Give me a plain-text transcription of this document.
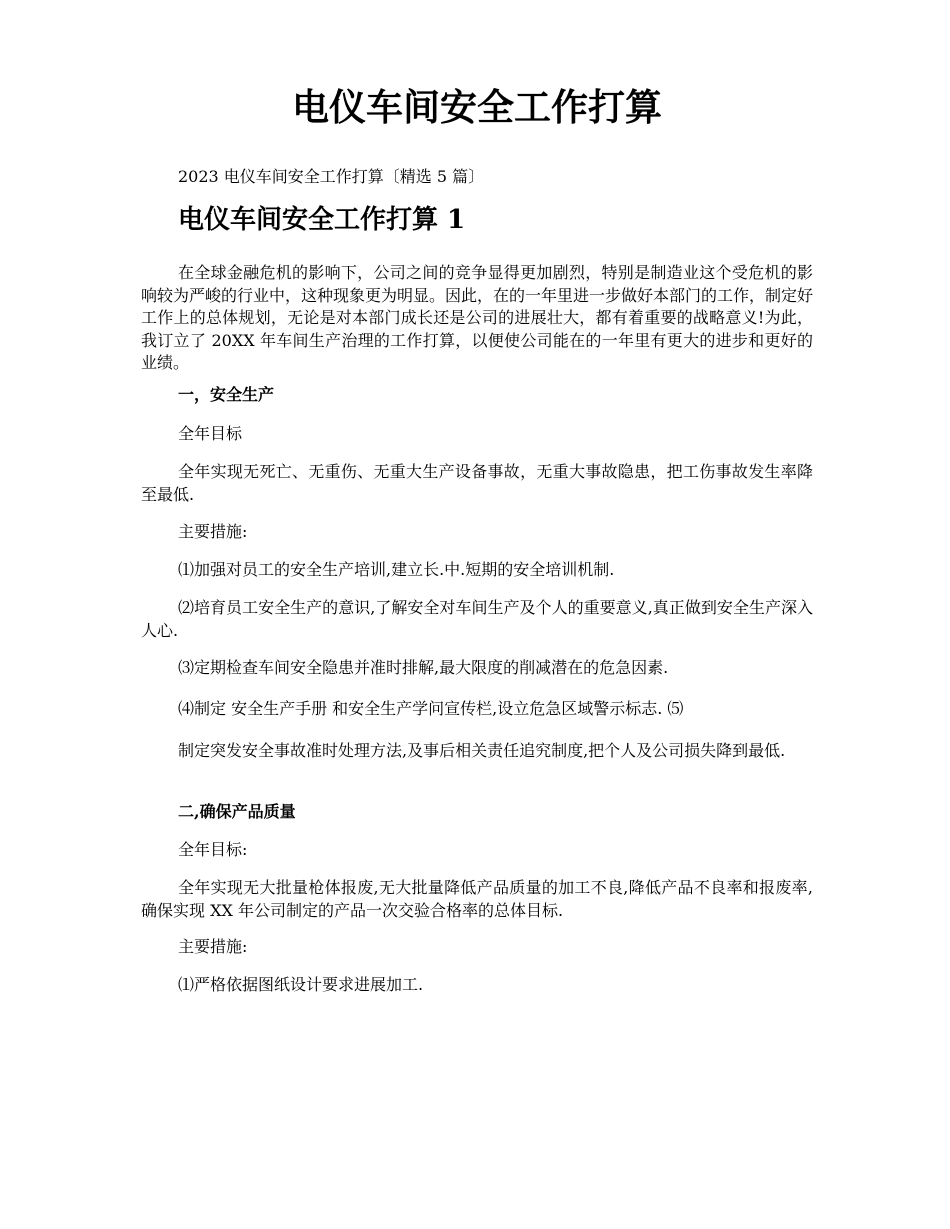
电仪车间安全工作打算

2023 电仪车间安全工作打算〔精选 5 篇〕

电仪车间安全工作打算 1

在全球金融危机的影响下，公司之间的竞争显得更加剧烈，特别是制造业这个受危机的影响较为严峻的行业中，这种现象更为明显。因此，在的一年里进一步做好本部门的工作，制定好工作上的总体规划，无论是对本部门成长还是公司的进展壮大，都有着重要的战略意义!为此，我订立了 20XX 年车间生产治理的工作打算，以便使公司能在的一年里有更大的进步和更好的业绩。

一，安全生产

全年目标

全年实现无死亡、无重伤、无重大生产设备事故，无重大事故隐患，把工伤事故发生率降至最低.

主要措施:

⑴加强对员工的安全生产培训,建立长.中.短期的安全培训机制.

⑵培育员工安全生产的意识,了解安全对车间生产及个人的重要意义,真正做到安全生产深入人心.

⑶定期检查车间安全隐患并准时排解,最大限度的削减潜在的危急因素.

⑷制定 安全生产手册 和安全生产学问宣传栏,设立危急区域警示标志. ⑸

制定突发安全事故准时处理方法,及事后相关责任追究制度,把个人及公司损失降到最低.

二,确保产品质量

全年目标:

全年实现无大批量枪体报废,无大批量降低产品质量的加工不良,降低产品不良率和报废率,确保实现 XX 年公司制定的产品一次交验合格率的总体目标.

主要措施:

⑴严格依据图纸设计要求进展加工.
